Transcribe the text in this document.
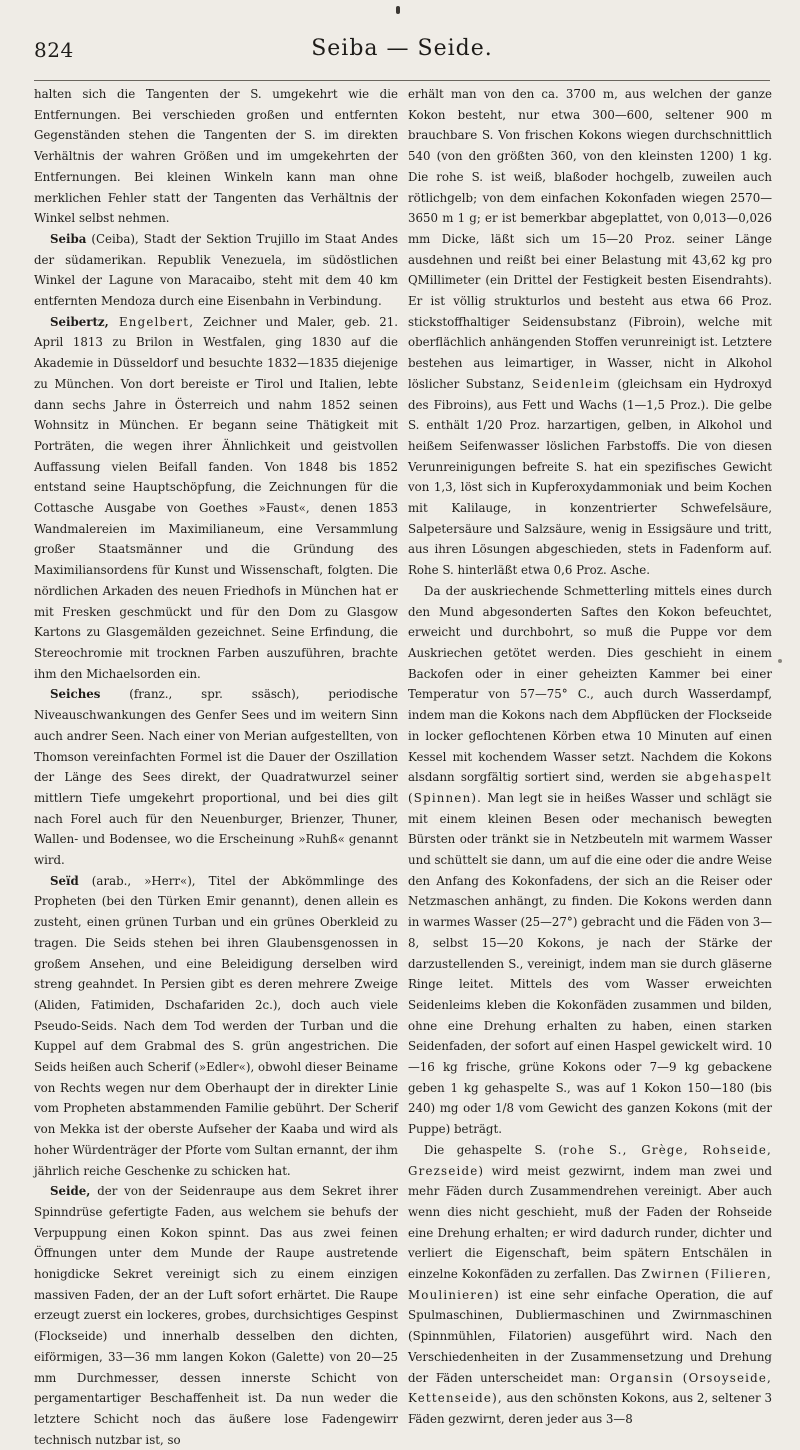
824	Seiba — Seide.

halten sich die Tangenten der S. umgekehrt wie die Entfernungen. Bei verschieden großen und entfernten Gegenständen stehen die Tangenten der S. im direkten Verhältnis der wahren Größen und im umgekehrten der Entfernungen. Bei kleinen Winkeln kann man ohne merklichen Fehler statt der Tangenten das Verhältnis der Winkel selbst nehmen.

Seiba (Ceiba), Stadt der Sektion Trujillo im Staat Andes der südamerikan. Republik Venezuela, im südöstlichen Winkel der Lagune von Maracaibo, steht mit dem 40 km entfernten Mendoza durch eine Eisenbahn in Verbindung.

Seibertz, Engelbert, Zeichner und Maler, geb. 21. April 1813 zu Brilon in Westfalen, ging 1830 auf die Akademie in Düsseldorf und besuchte 1832—1835 diejenige zu München. Von dort bereiste er Tirol und Italien, lebte dann sechs Jahre in Österreich und nahm 1852 seinen Wohnsitz in München. Er begann seine Thätigkeit mit Porträten, die wegen ihrer Ähnlichkeit und geistvollen Auffassung vielen Beifall fanden. Von 1848 bis 1852 entstand seine Hauptschöpfung, die Zeichnungen für die Cottasche Ausgabe von Goethes »Faust«, denen 1853 Wandmalereien im Maximilianeum, eine Versammlung großer Staatsmänner und die Gründung des Maximiliansordens für Kunst und Wissenschaft, folgten. Die nördlichen Arkaden des neuen Friedhofs in München hat er mit Fresken geschmückt und für den Dom zu Glasgow Kartons zu Glasgemälden gezeichnet. Seine Erfindung, die Stereochromie mit trocknen Farben auszuführen, brachte ihm den Michaelsorden ein.

Seiches (franz., spr. ssäsch), periodische Niveauschwankungen des Genfer Sees und im weitern Sinn auch andrer Seen. Nach einer von Merian aufgestellten, von Thomson vereinfachten Formel ist die Dauer der Oszillation der Länge des Sees direkt, der Quadratwurzel seiner mittlern Tiefe umgekehrt proportional, und bei dies gilt nach Forel auch für den Neuenburger, Brienzer, Thuner, Wallen- und Bodensee, wo die Erscheinung »Ruhß« genannt wird.

Seïd (arab., »Herr«), Titel der Abkömmlinge des Propheten (bei den Türken Emir genannt), denen allein es zusteht, einen grünen Turban und ein grünes Oberkleid zu tragen. Die Seids stehen bei ihren Glaubensgenossen in großem Ansehen, und eine Beleidigung derselben wird streng geahndet. In Persien gibt es deren mehrere Zweige (Aliden, Fatimiden, Dschafariden 2c.), doch auch viele Pseudo-Seids. Nach dem Tod werden der Turban und die Kuppel auf dem Grabmal des S. grün angestrichen. Die Seids heißen auch Scherif (»Edler«), obwohl dieser Beiname von Rechts wegen nur dem Oberhaupt der in direkter Linie vom Propheten abstammenden Familie gebührt. Der Scherif von Mekka ist der oberste Aufseher der Kaaba und wird als hoher Würdenträger der Pforte vom Sultan ernannt, der ihm jährlich reiche Geschenke zu schicken hat.

Seide, der von der Seidenraupe aus dem Sekret ihrer Spinndrüse gefertigte Faden, aus welchem sie behufs der Verpuppung einen Kokon spinnt. Das aus zwei feinen Öffnungen unter dem Munde der Raupe austretende honigdicke Sekret vereinigt sich zu einem einzigen massiven Faden, der an der Luft sofort erhärtet. Die Raupe erzeugt zuerst ein lockeres, grobes, durchsichtiges Gespinst (Flockseide) und innerhalb desselben den dichten, eiförmigen, 33—36 mm langen Kokon (Galette) von 20—25 mm Durchmesser, dessen innerste Schicht von pergamentartiger Beschaffenheit ist. Da nun weder die letztere Schicht noch das äußere lose Fadengewirr technisch nutzbar ist, so

erhält man von den ca. 3700 m, aus welchen der ganze Kokon besteht, nur etwa 300—600, seltener 900 m brauchbare S. Von frischen Kokons wiegen durchschnittlich 540 (von den größten 360, von den kleinsten 1200) 1 kg. Die rohe S. ist weiß, blaßoder hochgelb, zuweilen auch rötlichgelb; von dem einfachen Kokonfaden wiegen 2570—3650 m 1 g; er ist bemerkbar abgeplattet, von 0,013—0,026 mm Dicke, läßt sich um 15—20 Proz. seiner Länge ausdehnen und reißt bei einer Belastung mit 43,62 kg pro QMillimeter (ein Drittel der Festigkeit besten Eisendrahts). Er ist völlig strukturlos und besteht aus etwa 66 Proz. stickstoffhaltiger Seidensubstanz (Fibroin), welche mit oberflächlich anhängenden Stoffen verunreinigt ist. Letztere bestehen aus leimartiger, in Wasser, nicht in Alkohol löslicher Substanz, Seidenleim (gleichsam ein Hydroxyd des Fibroins), aus Fett und Wachs (1—1,5 Proz.). Die gelbe S. enthält 1/20 Proz. harzartigen, gelben, in Alkohol und heißem Seifenwasser löslichen Farbstoffs. Die von diesen Verunreinigungen befreite S. hat ein spezifisches Gewicht von 1,3, löst sich in Kupferoxydammoniak und beim Kochen mit Kalilauge, in konzentrierter Schwefelsäure, Salpetersäure und Salzsäure, wenig in Essigsäure und tritt, aus ihren Lösungen abgeschieden, stets in Fadenform auf. Rohe S. hinterläßt etwa 0,6 Proz. Asche.

Da der auskriechende Schmetterling mittels eines durch den Mund abgesonderten Saftes den Kokon befeuchtet, erweicht und durchbohrt, so muß die Puppe vor dem Auskriechen getötet werden. Dies geschieht in einem Backofen oder in einer geheizten Kammer bei einer Temperatur von 57—75° C., auch durch Wasserdampf, indem man die Kokons nach dem Abpflücken der Flockseide in locker geflochtenen Körben etwa 10 Minuten auf einen Kessel mit kochendem Wasser setzt. Nachdem die Kokons alsdann sorgfältig sortiert sind, werden sie abgehaspelt (Spinnen). Man legt sie in heißes Wasser und schlägt sie mit einem kleinen Besen oder mechanisch bewegten Bürsten oder tränkt sie in Netzbeuteln mit warmem Wasser und schüttelt sie dann, um auf die eine oder die andre Weise den Anfang des Kokonfadens, der sich an die Reiser oder Netzmaschen anhängt, zu finden. Die Kokons werden dann in warmes Wasser (25—27°) gebracht und die Fäden von 3—8, selbst 15—20 Kokons, je nach der Stärke der darzustellenden S., vereinigt, indem man sie durch gläserne Ringe leitet. Mittels des vom Wasser erweichten Seidenleims kleben die Kokonfäden zusammen und bilden, ohne eine Drehung erhalten zu haben, einen starken Seidenfaden, der sofort auf einen Haspel gewickelt wird. 10—16 kg frische, grüne Kokons oder 7—9 kg gebackene geben 1 kg gehaspelte S., was auf 1 Kokon 150—180 (bis 240) mg oder 1/8 vom Gewicht des ganzen Kokons (mit der Puppe) beträgt.

Die gehaspelte S. (rohe S., Grège, Rohseide, Grezseide) wird meist gezwirnt, indem man zwei und mehr Fäden durch Zusammendrehen vereinigt. Aber auch wenn dies nicht geschieht, muß der Faden der Rohseide eine Drehung erhalten; er wird dadurch runder, dichter und verliert die Eigenschaft, beim spätern Entschälen in einzelne Kokonfäden zu zerfallen. Das Zwirnen (Filieren, Moulinieren) ist eine sehr einfache Operation, die auf Spulmaschinen, Dubliermaschinen und Zwirnmaschinen (Spinnmühlen, Filatorien) ausgeführt wird. Nach den Verschiedenheiten in der Zusammensetzung und Drehung der Fäden unterscheidet man: Organsin (Orsoyseide, Kettenseide), aus den schönsten Kokons, aus 2, seltener 3 Fäden gezwirnt, deren jeder aus 3—8
